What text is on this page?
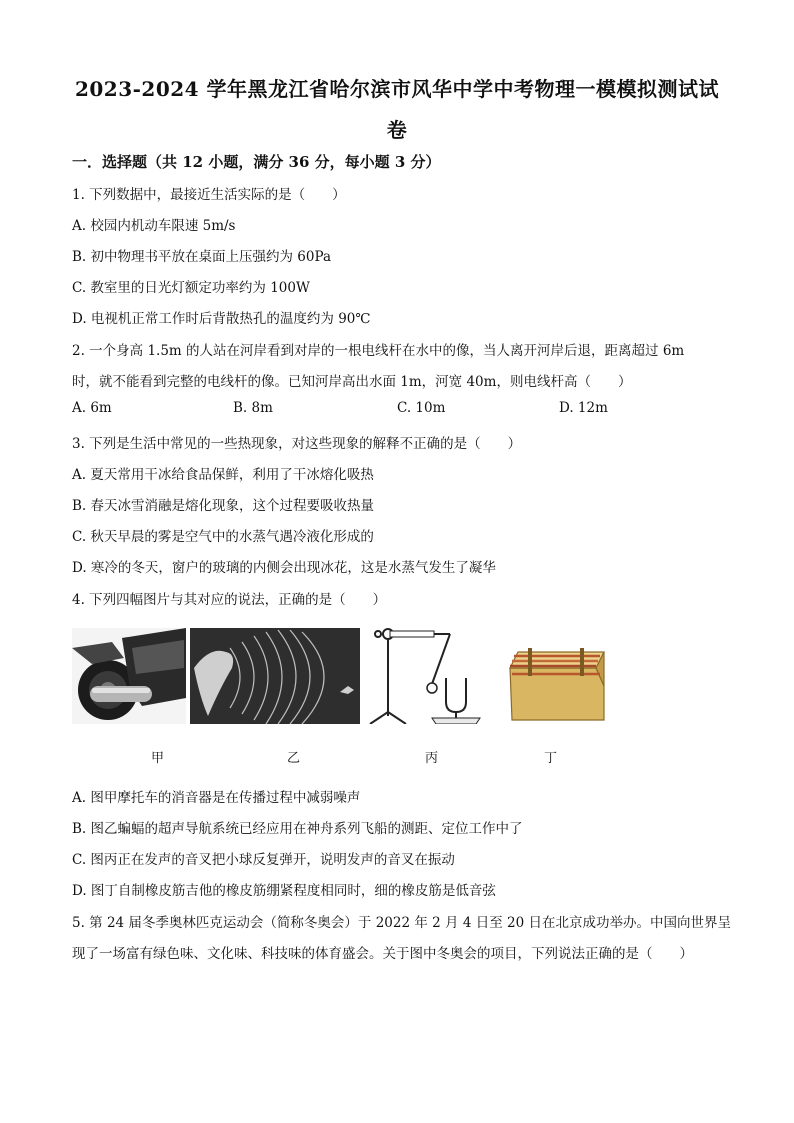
2023-2024 学年黑龙江省哈尔滨市风华中学中考物理一模模拟测试试
卷
一．选择题（共 12 小题，满分 36 分，每小题 3 分）
1. 下列数据中，最接近生活实际的是（　　）
A. 校园内机动车限速 5m/s
B. 初中物理书平放在桌面上压强约为 60Pa
C. 教室里的日光灯额定功率约为 100W
D. 电视机正常工作时后背散热孔的温度约为 90℃
2. 一个身高 1.5m 的人站在河岸看到对岸的一根电线杆在水中的像，当人离开河岸后退，距离超过 6m
时，就不能看到完整的电线杆的像。已知河岸高出水面 1m，河宽 40m，则电线杆高（　　）
A. 6m	B. 8m	C. 10m	D. 12m
3. 下列是生活中常见的一些热现象，对这些现象的解释不正确的是（　　）
A. 夏天常用干冰给食品保鲜，利用了干冰熔化吸热
B. 春天冰雪消融是熔化现象，这个过程要吸收热量
C. 秋天早晨的雾是空气中的水蒸气遇冷液化形成的
D. 寒冷的冬天，窗户的玻璃的内侧会出现冰花，这是水蒸气发生了凝华
4. 下列四幅图片与其对应的说法，正确的是（　　）
甲	乙	丙	丁
A. 图甲摩托车的消音器是在传播过程中减弱噪声
B. 图乙蝙蝠的超声导航系统已经应用在神舟系列飞船的测距、定位工作中了
C. 图丙正在发声的音叉把小球反复弹开，说明发声的音叉在振动
D. 图丁自制橡皮筋吉他的橡皮筋绷紧程度相同时，细的橡皮筋是低音弦
5. 第 24 届冬季奥林匹克运动会（简称冬奥会）于 2022 年 2 月 4 日至 20 日在北京成功举办。中国向世界呈
现了一场富有绿色味、文化味、科技味的体育盛会。关于图中冬奥会的项目，下列说法正确的是（　　）
